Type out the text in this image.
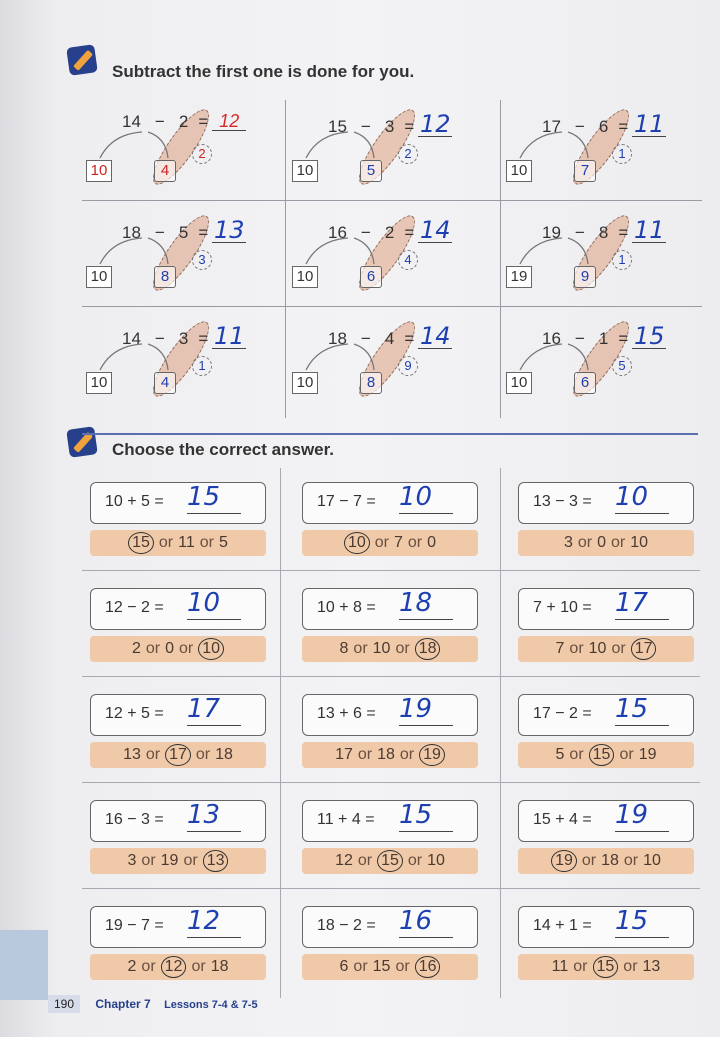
Subtract the first one is done for you.
14 − 2 = 12
10	4
2
15 − 3 = 12
10	5
2
17 − 6 = 11
10	7
1
18 − 5 = 13
10	8
3
16 − 2 = 14
10	6
4
19 − 8 = 11
19	9
1
14 − 3 = 11
10	4
1
18 − 4 = 14
10	8
9
16 − 1 = 15
10	6
5
Choose the correct answer.
10 + 5 = 15
15 or 11 or 5
17 − 7 = 10
10 or 7 or 0
13 − 3 = 10
3 or 0 or 10
12 − 2 = 10
2 or 0 or 10
10 + 8 = 18
8 or 10 or 18
7 + 10 = 17
7 or 10 or 17
12 + 5 = 17
13 or 17 or 18
13 + 6 = 19
17 or 18 or 19
17 − 2 = 15
5 or 15 or 19
16 − 3 = 13
3 or 19 or 13
11 + 4 = 15
12 or 15 or 10
15 + 4 = 19
19 or 18 or 10
19 − 7 = 12
2 or 12 or 18
18 − 2 = 16
6 or 15 or 16
14 + 1 = 15
11 or 15 or 13
190 Chapter 7 Lessons 7-4 & 7-5
